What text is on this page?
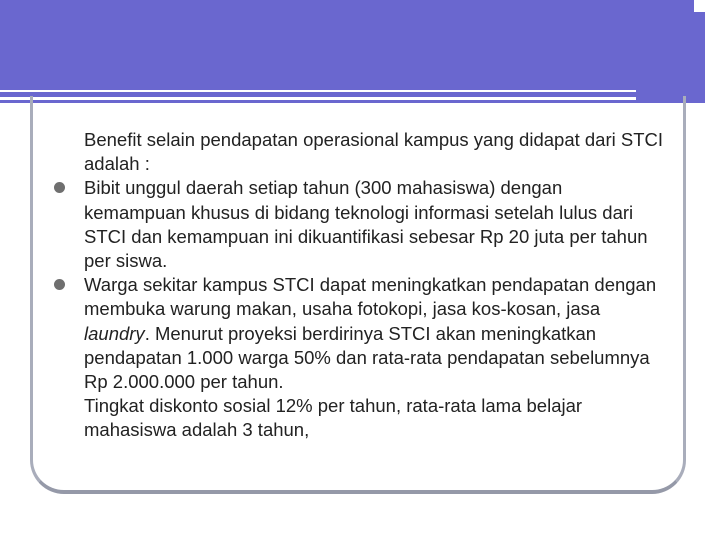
Benefit selain pendapatan operasional kampus yang didapat dari STCI adalah :

Bibit unggul daerah setiap tahun (300 mahasiswa) dengan kemampuan khusus di bidang teknologi informasi setelah lulus dari STCI dan kemampuan ini dikuantifikasi sebesar Rp 20 juta per tahun per siswa.

Warga sekitar kampus STCI dapat meningkatkan pendapatan dengan membuka warung makan, usaha fotokopi, jasa kos-kosan, jasa laundry. Menurut proyeksi berdirinya STCI akan meningkatkan pendapatan 1.000 warga 50% dan rata-rata pendapatan sebelumnya Rp 2.000.000 per tahun.

Tingkat diskonto sosial 12% per tahun, rata-rata lama belajar mahasiswa adalah 3 tahun,
